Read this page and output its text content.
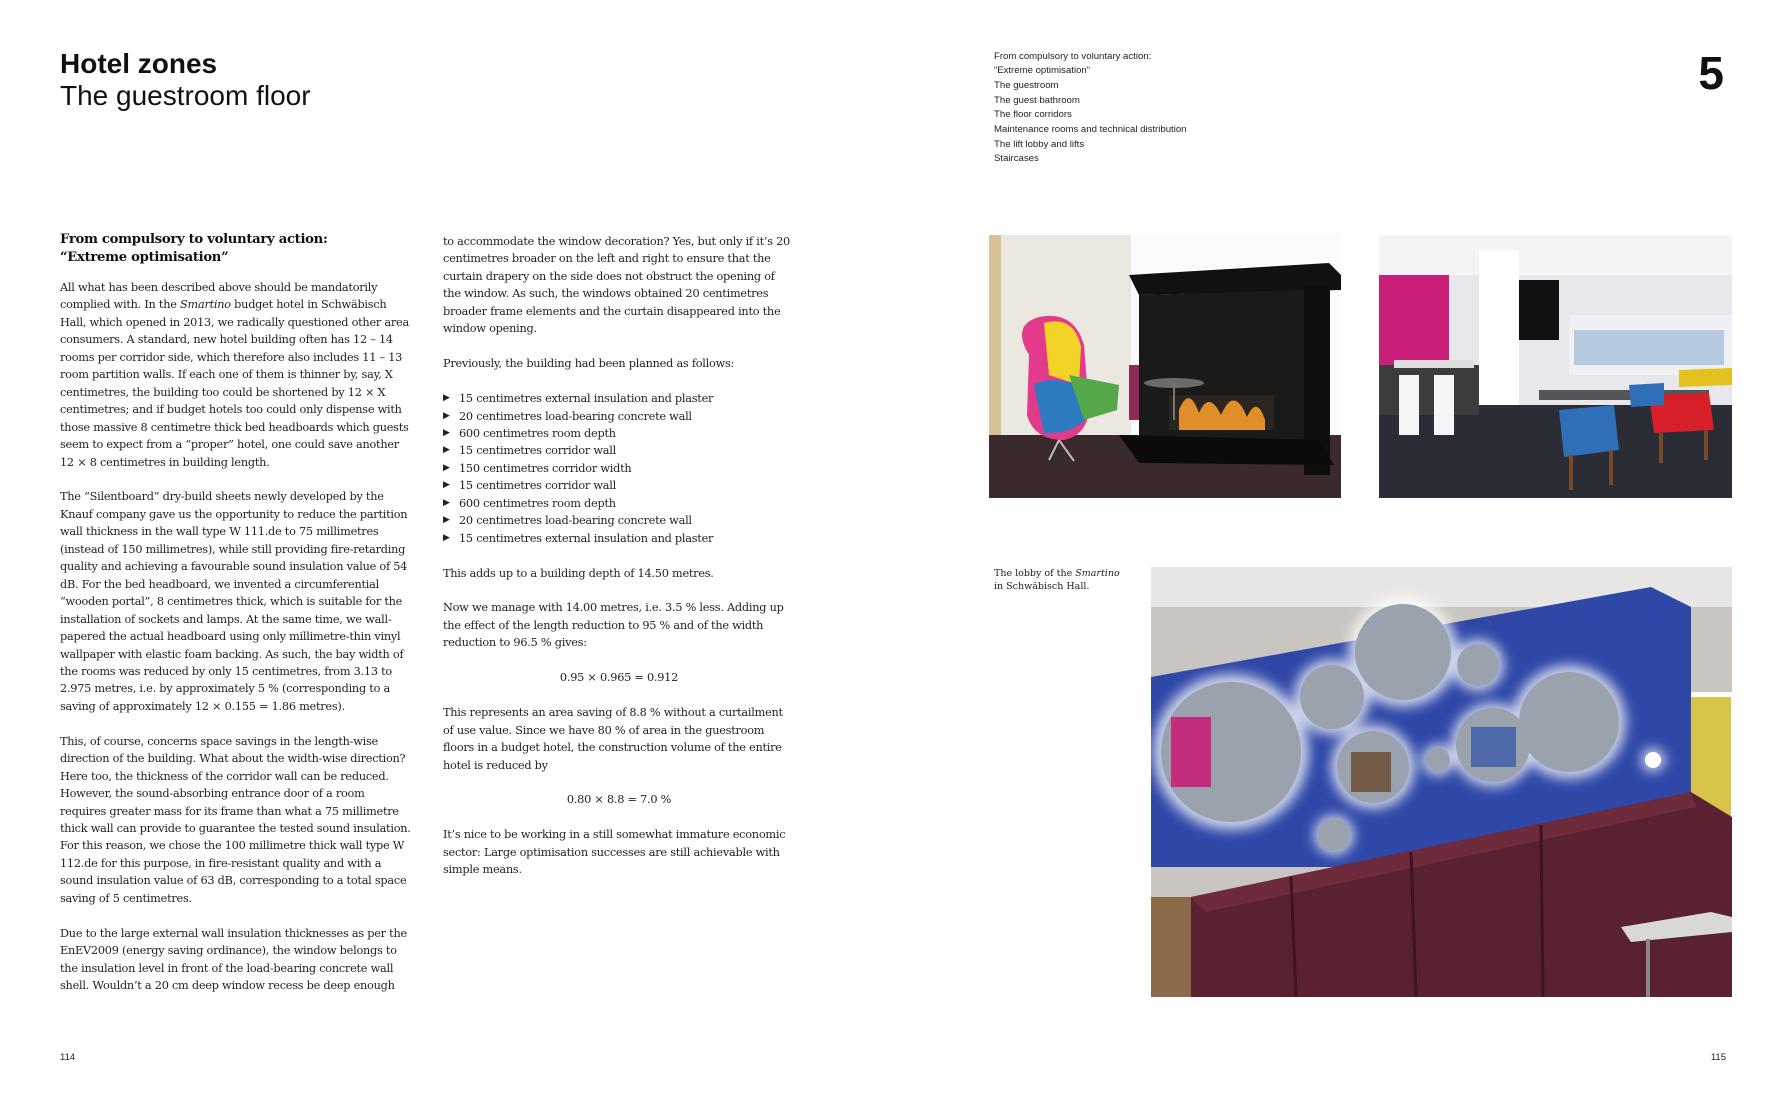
Hotel zones
The guestroom floor	5
From compulsory to voluntary action:
“Extreme optimisation”
The guestroom
The guest bathroom
The floor corridors
Maintenance rooms and technical distribution
The lift lobby and lifts
Staircases
From compulsory to voluntary action:
“Extreme optimisation”

All what has been described above should be mandatorily complied with. In the Smartino budget hotel in Schwäbisch Hall, which opened in 2013, we radically questioned other area consumers. A standard, new hotel building often has 12 – 14 rooms per corridor side, which therefore also includes 11 – 13 room partition walls. If each one of them is thinner by, say, X centimetres, the building too could be shortened by 12 × X centimetres; and if budget hotels too could only dispense with those massive 8 centimetre thick bed headboards which guests seem to expect from a “proper” hotel, one could save another 12 × 8 centimetres in building length.

The “Silentboard” dry-build sheets newly developed by the Knauf company gave us the opportunity to reduce the partition wall thickness in the wall type W 111.de to 75 millimetres (instead of 150 millimetres), while still providing fire-retarding quality and achieving a favourable sound insulation value of 54 dB. For the bed headboard, we invented a circumferential “wooden portal”, 8 centimetres thick, which is suitable for the installation of sockets and lamps. At the same time, we wall-papered the actual headboard using only millimetre-thin vinyl wallpaper with elastic foam backing. As such, the bay width of the rooms was reduced by only 15 centimetres, from 3.13 to 2.975 metres, i.e. by approximately 5 % (corresponding to a saving of approximately 12 × 0.155 = 1.86 metres).

This, of course, concerns space savings in the length-wise direction of the building. What about the width-wise direction? Here too, the thickness of the corridor wall can be reduced. However, the sound-absorbing entrance door of a room requires greater mass for its frame than what a 75 millimetre thick wall can provide to guarantee the tested sound insulation. For this reason, we chose the 100 millimetre thick wall type W 112.de for this purpose, in fire-resistant quality and with a sound insulation value of 63 dB, corresponding to a total space saving of 5 centimetres.

Due to the large external wall insulation thicknesses as per the EnEV2009 (energy saving ordinance), the window belongs to the insulation level in front of the load-bearing concrete wall shell. Wouldn’t a 20 cm deep window recess be deep enough

to accommodate the window decoration? Yes, but only if it’s 20 centimetres broader on the left and right to ensure that the curtain drapery on the side does not obstruct the opening of the window. As such, the windows obtained 20 centimetres broader frame elements and the curtain disappeared into the window opening.

Previously, the building had been planned as follows:

▶ 15 centimetres external insulation and plaster
▶ 20 centimetres load-bearing concrete wall
▶ 600 centimetres room depth
▶ 15 centimetres corridor wall
▶ 150 centimetres corridor width
▶ 15 centimetres corridor wall
▶ 600 centimetres room depth
▶ 20 centimetres load-bearing concrete wall
▶ 15 centimetres external insulation and plaster

This adds up to a building depth of 14.50 metres.

Now we manage with 14.00 metres, i.e. 3.5 % less. Adding up the effect of the length reduction to 95 % and of the width reduction to 96.5 % gives:

0.95 × 0.965 = 0.912

This represents an area saving of 8.8 % without a curtailment of use value. Since we have 80 % of area in the guestroom floors in a budget hotel, the construction volume of the entire hotel is reduced by

0.80 × 8.8 = 7.0 %

It’s nice to be working in a still somewhat immature economic sector: Large optimisation successes are still achievable with simple means.

The lobby of the Smartino in Schwäbisch Hall.
114	115
